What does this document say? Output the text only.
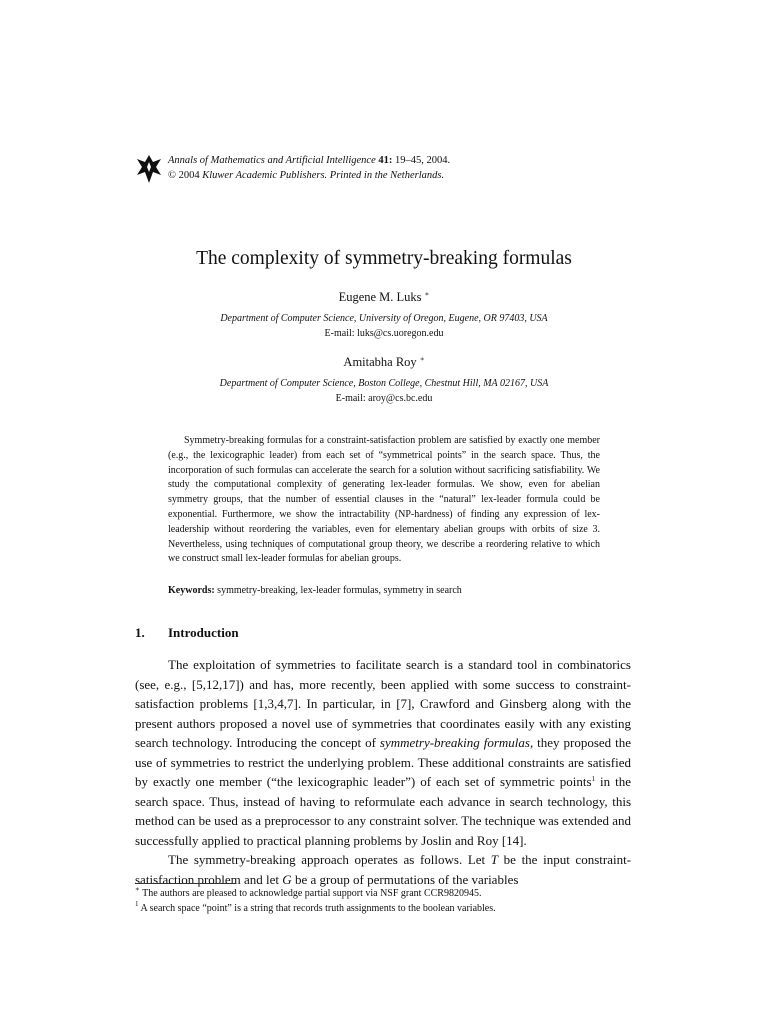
Annals of Mathematics and Artificial Intelligence 41: 19–45, 2004.
© 2004 Kluwer Academic Publishers. Printed in the Netherlands.
The complexity of symmetry-breaking formulas
Eugene M. Luks ∗
Department of Computer Science, University of Oregon, Eugene, OR 97403, USA
E-mail: luks@cs.uoregon.edu
Amitabha Roy ∗
Department of Computer Science, Boston College, Chestnut Hill, MA 02167, USA
E-mail: aroy@cs.bc.edu

Symmetry-breaking formulas for a constraint-satisfaction problem are satisfied by exactly one member (e.g., the lexicographic leader) from each set of “symmetrical points” in the search space. Thus, the incorporation of such formulas can accelerate the search for a solution without sacrificing satisfiability. We study the computational complexity of generating lex-leader formulas. We show, even for abelian symmetry groups, that the number of essential clauses in the “natural” lex-leader formula could be exponential. Furthermore, we show the intractability (NP-hardness) of finding any expression of lex-leadership without reordering the variables, even for elementary abelian groups with orbits of size 3. Nevertheless, using techniques of computational group theory, we describe a reordering relative to which we construct small lex-leader formulas for abelian groups.

Keywords: symmetry-breaking, lex-leader formulas, symmetry in search
1. Introduction

The exploitation of symmetries to facilitate search is a standard tool in combinatorics (see, e.g., [5,12,17]) and has, more recently, been applied with some success to constraint-satisfaction problems [1,3,4,7]. In particular, in [7], Crawford and Ginsberg along with the present authors proposed a novel use of symmetries that coordinates easily with any existing search technology. Introducing the concept of symmetry-breaking formulas, they proposed the use of symmetries to restrict the underlying problem. These additional constraints are satisfied by exactly one member (“the lexicographic leader”) of each set of symmetric points$^1$ in the search space. Thus, instead of having to reformulate each advance in search technology, this method can be used as a preprocessor to any constraint solver. The technique was extended and successfully applied to practical planning problems by Joslin and Roy [14].

The symmetry-breaking approach operates as follows. Let T be the input constraint-satisfaction problem and let G be a group of permutations of the variables

∗ The authors are pleased to acknowledge partial support via NSF grant CCR9820945.
$^1$ A search space “point” is a string that records truth assignments to the boolean variables.
